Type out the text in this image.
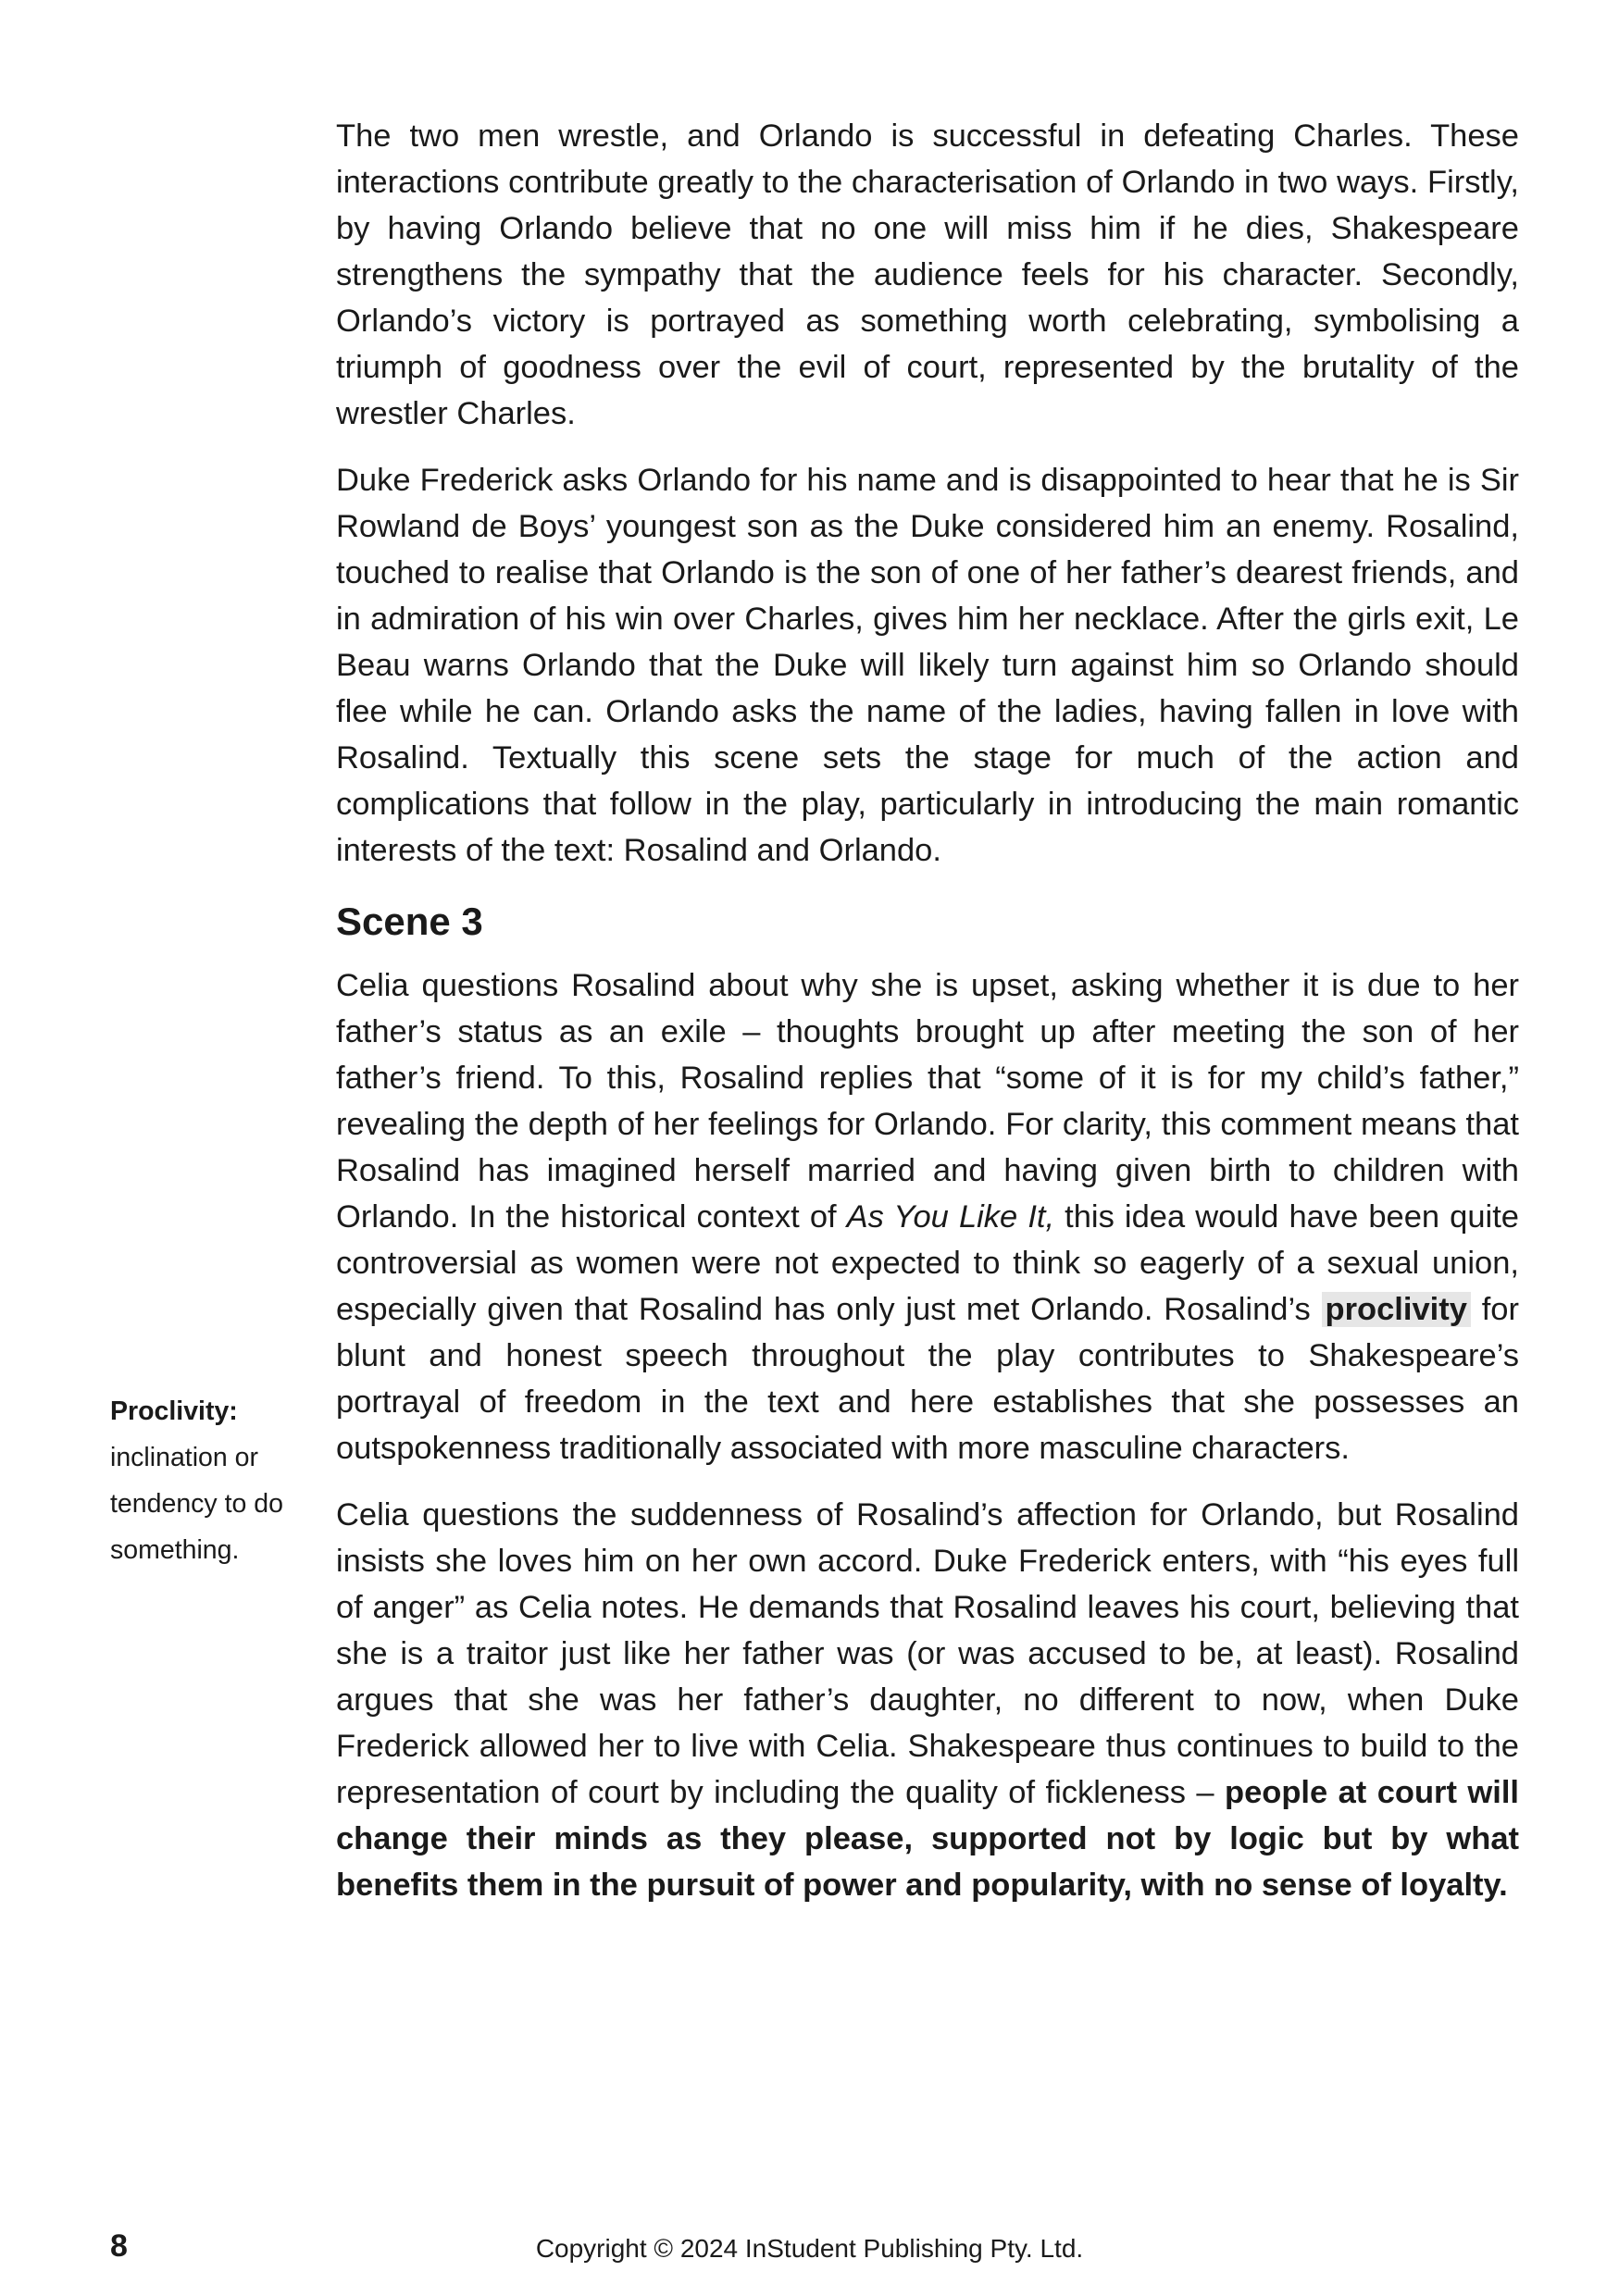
The two men wrestle, and Orlando is successful in defeating Charles. These interactions contribute greatly to the characterisation of Orlando in two ways. Firstly, by having Orlando believe that no one will miss him if he dies, Shakespeare strengthens the sympathy that the audience feels for his character. Secondly, Orlando’s victory is portrayed as something worth celebrating, symbolising a triumph of goodness over the evil of court, represented by the brutality of the wrestler Charles.

Duke Frederick asks Orlando for his name and is disappointed to hear that he is Sir Rowland de Boys’ youngest son as the Duke considered him an enemy. Rosalind, touched to realise that Orlando is the son of one of her father’s dearest friends, and in admiration of his win over Charles, gives him her necklace. After the girls exit, Le Beau warns Orlando that the Duke will likely turn against him so Orlando should flee while he can. Orlando asks the name of the ladies, having fallen in love with Rosalind. Textually this scene sets the stage for much of the action and complications that follow in the play, particularly in introducing the main romantic interests of the text: Rosalind and Orlando.

Scene 3

Celia questions Rosalind about why she is upset, asking whether it is due to her father’s status as an exile – thoughts brought up after meeting the son of her father’s friend. To this, Rosalind replies that “some of it is for my child’s father,” revealing the depth of her feelings for Orlando. For clarity, this comment means that Rosalind has imagined herself married and having given birth to children with Orlando. In the historical context of As You Like It, this idea would have been quite controversial as women were not expected to think so eagerly of a sexual union, especially given that Rosalind has only just met Orlando. Rosalind’s proclivity for blunt and honest speech throughout the play contributes to Shakespeare’s portrayal of freedom in the text and here establishes that she possesses an outspokenness traditionally associated with more masculine characters.

Celia questions the suddenness of Rosalind’s affection for Orlando, but Rosalind insists she loves him on her own accord. Duke Frederick enters, with “his eyes full of anger” as Celia notes. He demands that Rosalind leaves his court, believing that she is a traitor just like her father was (or was accused to be, at least). Rosalind argues that she was her father’s daughter, no different to now, when Duke Frederick allowed her to live with Celia. Shakespeare thus continues to build to the representation of court by including the quality of fickleness – people at court will change their minds as they please, supported not by logic but by what benefits them in the pursuit of power and popularity, with no sense of loyalty.

Proclivity:
inclination or tendency to do something.
8	Copyright © 2024 InStudent Publishing Pty. Ltd.
